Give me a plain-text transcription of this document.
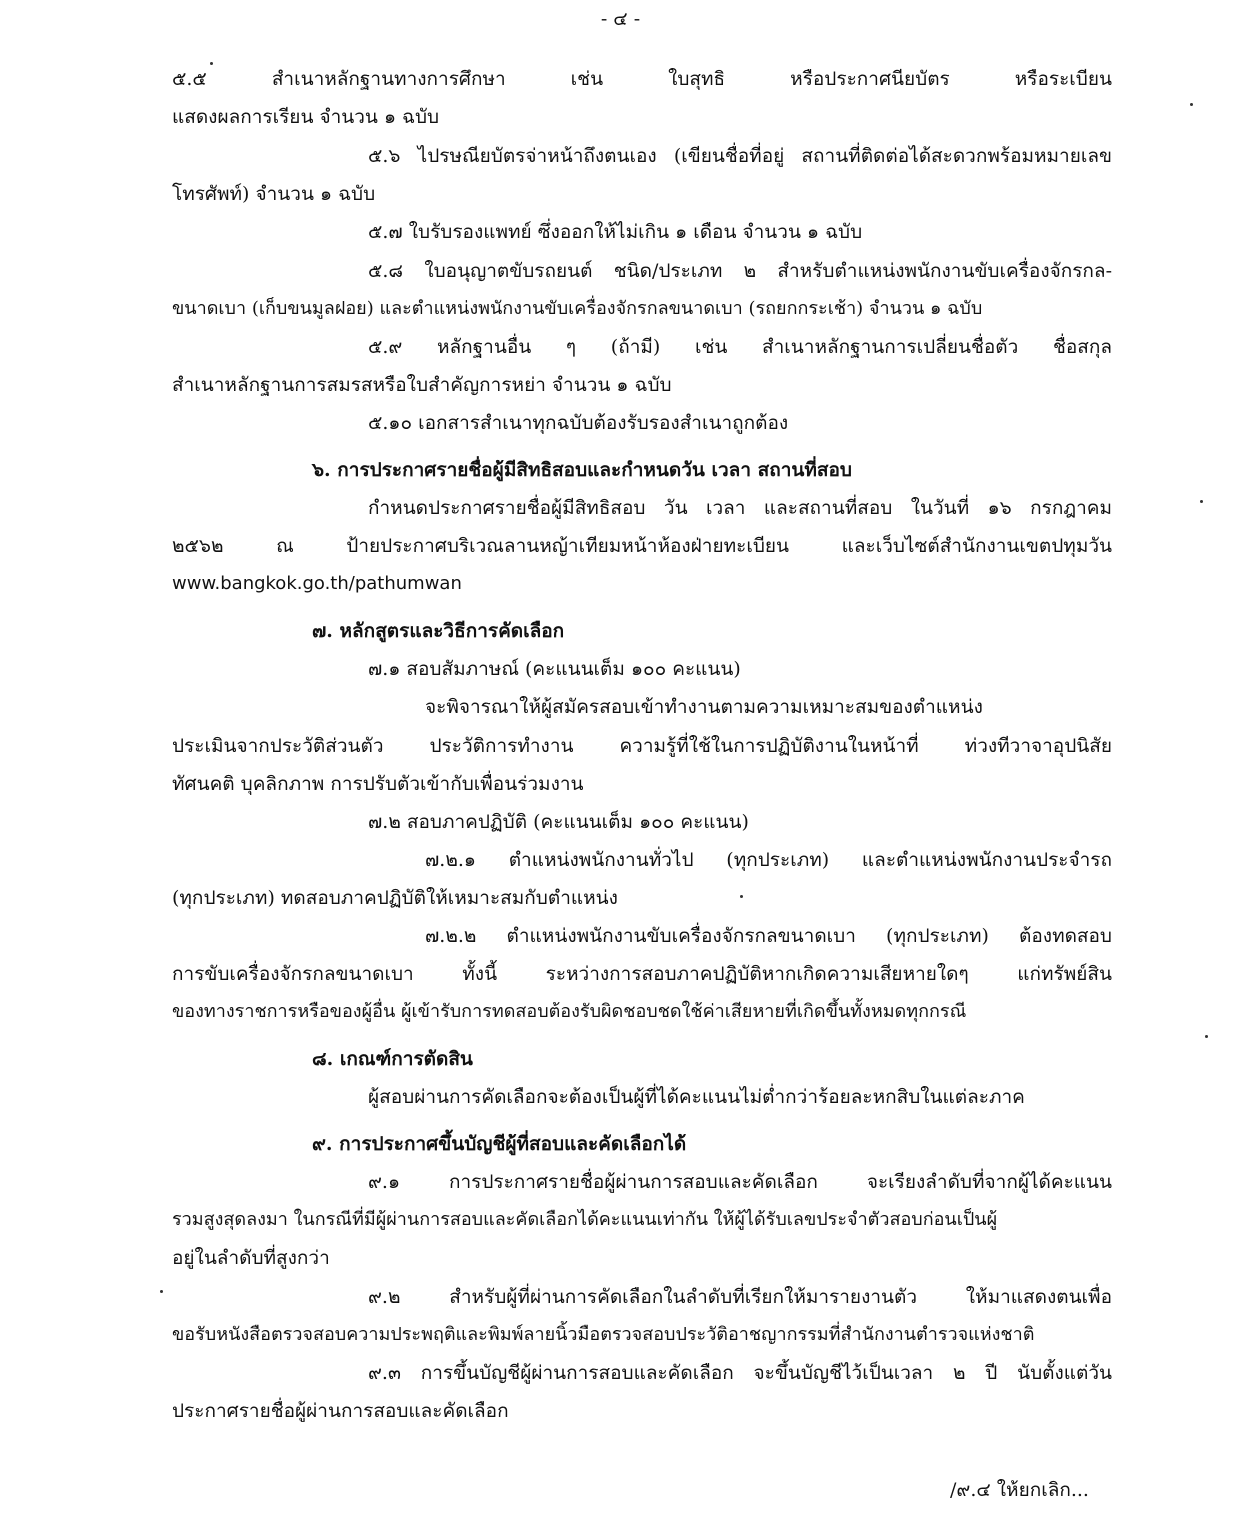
- ๔ -
๕.๕ สำเนาหลักฐานทางการศึกษา เช่น ใบสุทธิ หรือประกาศนียบัตร หรือระเบียน
แสดงผลการเรียน จำนวน ๑ ฉบับ
๕.๖ ไปรษณียบัตรจ่าหน้าถึงตนเอง (เขียนชื่อที่อยู่ สถานที่ติดต่อได้สะดวกพร้อมหมายเลข
โทรศัพท์) จำนวน ๑ ฉบับ
๕.๗ ใบรับรองแพทย์ ซึ่งออกให้ไม่เกิน ๑ เดือน จำนวน ๑ ฉบับ
๕.๘ ใบอนุญาตขับรถยนต์ ชนิด/ประเภท ๒ สำหรับตำแหน่งพนักงานขับเครื่องจักรกล-
ขนาดเบา (เก็บขนมูลฝอย) และตำแหน่งพนักงานขับเครื่องจักรกลขนาดเบา (รถยกกระเช้า) จำนวน ๑ ฉบับ
๕.๙ หลักฐานอื่น ๆ (ถ้ามี) เช่น สำเนาหลักฐานการเปลี่ยนชื่อตัว ชื่อสกุล
สำเนาหลักฐานการสมรสหรือใบสำคัญการหย่า จำนวน ๑ ฉบับ
๕.๑๐ เอกสารสำเนาทุกฉบับต้องรับรองสำเนาถูกต้อง
๖. การประกาศรายชื่อผู้มีสิทธิสอบและกำหนดวัน เวลา สถานที่สอบ
กำหนดประกาศรายชื่อผู้มีสิทธิสอบ วัน เวลา และสถานที่สอบ ในวันที่ ๑๖ กรกฎาคม
๒๕๖๒ ณ ป้ายประกาศบริเวณลานหญ้าเทียมหน้าห้องฝ่ายทะเบียน และเว็บไซต์สำนักงานเขตปทุมวัน
www.bangkok.go.th/pathumwan
๗. หลักสูตรและวิธีการคัดเลือก
๗.๑ สอบสัมภาษณ์ (คะแนนเต็ม ๑๐๐ คะแนน)
จะพิจารณาให้ผู้สมัครสอบเข้าทำงานตามความเหมาะสมของตำแหน่ง
ประเมินจากประวัติส่วนตัว ประวัติการทำงาน ความรู้ที่ใช้ในการปฏิบัติงานในหน้าที่ ท่วงทีวาจาอุปนิสัย
ทัศนคติ บุคลิกภาพ การปรับตัวเข้ากับเพื่อนร่วมงาน
๗.๒ สอบภาคปฏิบัติ (คะแนนเต็ม ๑๐๐ คะแนน)
๗.๒.๑ ตำแหน่งพนักงานทั่วไป (ทุกประเภท) และตำแหน่งพนักงานประจำรถ
(ทุกประเภท) ทดสอบภาคปฏิบัติให้เหมาะสมกับตำแหน่ง
๗.๒.๒ ตำแหน่งพนักงานขับเครื่องจักรกลขนาดเบา (ทุกประเภท) ต้องทดสอบ
การขับเครื่องจักรกลขนาดเบา ทั้งนี้ ระหว่างการสอบภาคปฏิบัติหากเกิดความเสียหายใดๆ แก่ทรัพย์สิน
ของทางราชการหรือของผู้อื่น ผู้เข้ารับการทดสอบต้องรับผิดชอบชดใช้ค่าเสียหายที่เกิดขึ้นทั้งหมดทุกกรณี
๘. เกณฑ์การตัดสิน
ผู้สอบผ่านการคัดเลือกจะต้องเป็นผู้ที่ได้คะแนนไม่ต่ำกว่าร้อยละหกสิบในแต่ละภาค
๙. การประกาศขึ้นบัญชีผู้ที่สอบและคัดเลือกได้
๙.๑ การประกาศรายชื่อผู้ผ่านการสอบและคัดเลือก จะเรียงลำดับที่จากผู้ได้คะแนน
รวมสูงสุดลงมา ในกรณีที่มีผู้ผ่านการสอบและคัดเลือกได้คะแนนเท่ากัน ให้ผู้ได้รับเลขประจำตัวสอบก่อนเป็นผู้
อยู่ในลำดับที่สูงกว่า
๙.๒ สำหรับผู้ที่ผ่านการคัดเลือกในลำดับที่เรียกให้มารายงานตัว ให้มาแสดงตนเพื่อ
ขอรับหนังสือตรวจสอบความประพฤติและพิมพ์ลายนิ้วมือตรวจสอบประวัติอาชญากรรมที่สำนักงานตำรวจแห่งชาติ
๙.๓ การขึ้นบัญชีผู้ผ่านการสอบและคัดเลือก จะขึ้นบัญชีไว้เป็นเวลา ๒ ปี นับตั้งแต่วัน
ประกาศรายชื่อผู้ผ่านการสอบและคัดเลือก
/๙.๔ ให้ยกเลิก...
